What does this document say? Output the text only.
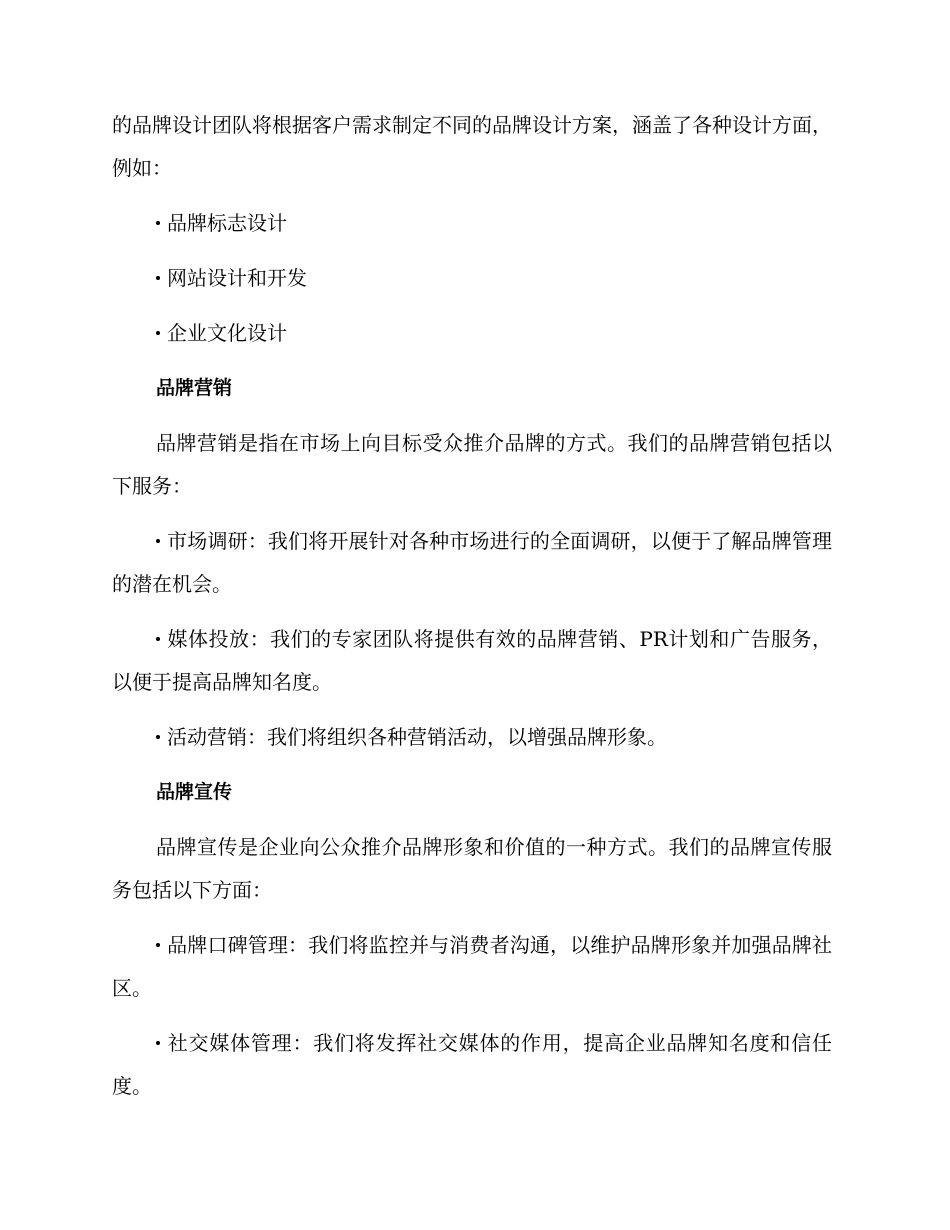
的品牌设计团队将根据客户需求制定不同的品牌设计方案，涵盖了各种设计方面，例如：

品牌标志设计

网站设计和开发

企业文化设计

品牌营销

品牌营销是指在市场上向目标受众推介品牌的方式。我们的品牌营销包括以下服务：

市场调研：我们将开展针对各种市场进行的全面调研，以便于了解品牌管理的潜在机会。

媒体投放：我们的专家团队将提供有效的品牌营销、PR计划和广告服务，以便于提高品牌知名度。

活动营销：我们将组织各种营销活动，以增强品牌形象。

品牌宣传

品牌宣传是企业向公众推介品牌形象和价值的一种方式。我们的品牌宣传服务包括以下方面：

品牌口碑管理：我们将监控并与消费者沟通，以维护品牌形象并加强品牌社区。

社交媒体管理：我们将发挥社交媒体的作用，提高企业品牌知名度和信任度。
